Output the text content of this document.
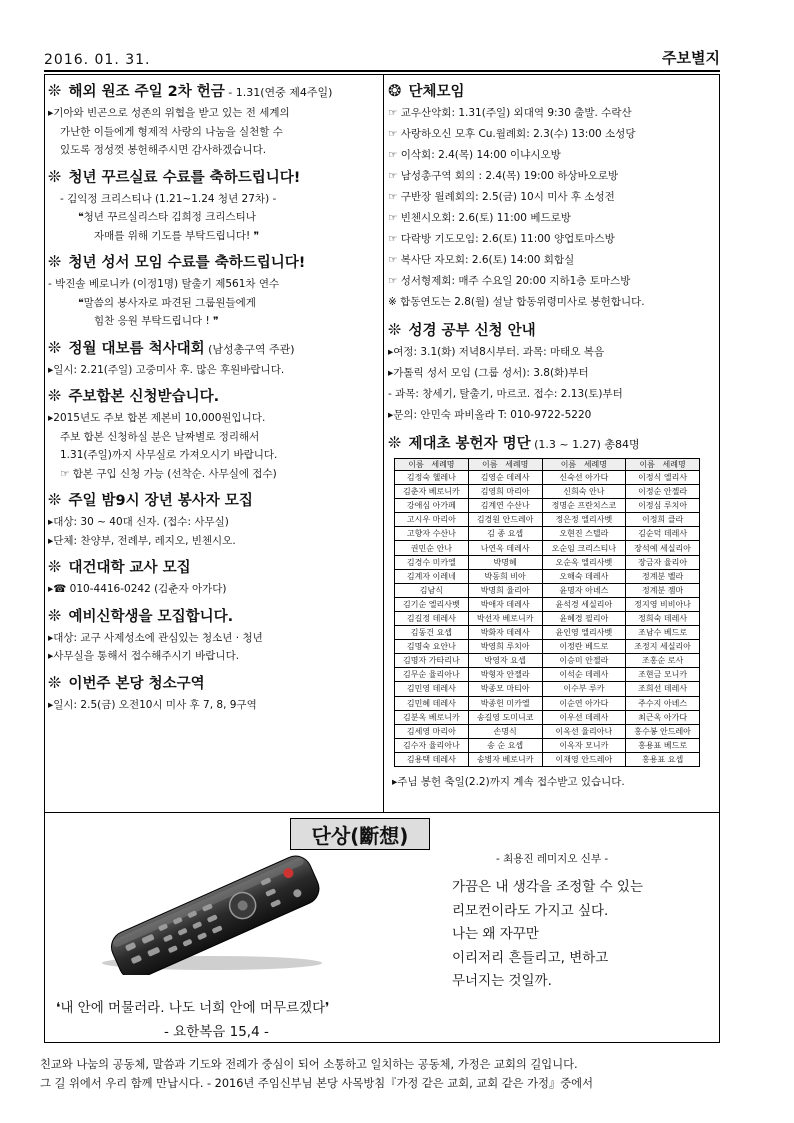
2016. 01. 31.	주보별지
❊ 해외 원조 주일 2차 헌금 - 1.31(연중 제4주일)
▸기아와 빈곤으로 성존의 위협을 받고 있는 전 세계의
가난한 이들에게 형제적 사랑의 나눔을 실천할 수
있도록 정성껏 봉헌해주시면 감사하겠습니다.
❊ 청년 꾸르실료 수료를 축하드립니다!
- 김익정 크리스티나 (1.21~1.24 청년 27차) -
❝청년 꾸르실리스타 김희정 크리스티나
자매를 위해 기도를 부탁드립니다! ❞
❊ 청년 성서 모임 수료를 축하드립니다!
- 박진솔 베로니카 (이정1명) 탈출기 제561차 연수
❝말씀의 봉사자로 파견된 그룹원들에게
힘찬 응원 부탁드립니다 ! ❞
❊ 정월 대보름 척사대회 (남성총구역 주관)
▸일시: 2.21(주일) 고중미사 후. 많은 후원바랍니다.
❊ 주보합본 신청받습니다.
▸2015년도 주보 합본 제본비 10,000원입니다.
주보 합본 신청하실 분은 날짜별로 정리해서
1.31(주일)까지 사무실로 가져오시기 바랍니다.
☞ 합본 구입 신청 가능 (선착순. 사무실에 접수)
❊ 주일 밤9시 장년 봉사자 모집
▸대상: 30 ~ 40대 신자. (접수: 사무실)
▸단체: 찬양부, 전례부, 레지오, 빈첸시오.
❊ 대건대학 교사 모집
▸☎ 010-4416-0242 (김춘자 아가다)
❊ 예비신학생을 모집합니다.
▸대상: 교구 사제성소에 관심있는 청소년 · 청년
▸사무실을 통해서 접수해주시기 바랍니다.
❊ 이번주 본당 청소구역
▸일시: 2.5(금) 오전10시 미사 후 7, 8, 9구역
❂ 단체모임
☞ 교우산악회: 1.31(주일) 외대역 9:30 출발. 수락산
☞ 사랑하오신 모후 Cu.월례회: 2.3(수) 13:00 소성당
☞ 이삭회: 2.4(목) 14:00 이냐시오방
☞ 남성총구역 회의 : 2.4(목) 19:00 하상바오로방
☞ 구반장 월례회의: 2.5(금) 10시 미사 후 소성전
☞ 빈첸시오회: 2.6(토) 11:00 베드로방
☞ 다락방 기도모임: 2.6(토) 11:00 양업토마스방
☞ 복사단 자모회: 2.6(토) 14:00 회합실
☞ 성서형제회: 매주 수요일 20:00 지하1층 토마스방
※ 합동연도는 2.8(월) 설날 합동위령미사로 봉헌합니다.
❊ 성경 공부 신청 안내
▸여정: 3.1(화) 저녁8시부터. 과목: 마태오 복음
▸가톨릭 성서 모임 (그룹 성서): 3.8(화)부터
- 과목: 창세기, 탈출기, 마르코. 접수: 2.13(토)부터
▸문의: 안민숙 파비올라 T: 010-9722-5220
❊ 제대초 봉헌자 명단 (1.3 ~ 1.27) 총84명
이름 세례명	이름 세례명	이름 세례명	이름 세례명
김정숙 헬레나	김영순 데레사	신숙선 아가다	이정식 엘리사
김춘자 베로니카	김영희 마리아	신희숙 안나	이정순 안젤라
강애심 아가페	김계연 수산나	정명순 프란치스코	이정심 루치아
고시우 마리아	김경원 안드레아	정은정 엘리사벳	이정희 클라
고향자 수산나	김 종 요셉	오현진 스텔라	김순덕 데레사
권민순 안나	나연옥 데레사	오순임 크리스티나	장석예 세실리아
김경수 미카엘	박명혜	오순옥 엘리사벳	장금자 율리아
김계자 이레네	박동희 비아	오해숙 데레사	정계분 벨라
김남식	박명희 율리아	윤명자 아녜스	정계분 젬마
김기순 엘리사벳	박애자 데레사	윤석경 세실리아	정지영 비비아나
김길정 데레사	박선자 베로니카	윤혜경 필리아	정희숙 데레사
김동건 요셉	박화자 데레사	윤인영 엘리사벳	조남수 베드로
김명숙 요안나	박영희 루치아	이정란 베드로	조정지 세실리아
김명자 가타리나	박영자 요셉	이승미 안젤라	조홍순 로사
김무순 율리아나	박형자 안젤라	이석순 데레사	조현금 모니카
김민영 데레사	박종모 마티아	이수부 루카	조희선 데레사
김민혜 데레사	박종헌 미카엘	이순연 아가다	주수지 아녜스
김분옥 베로니카	송길영 도미니코	이우선 데레사	최근옥 아가다
김세영 마리아	손명식	이옥선 율리아나	홍수봉 안드레아
김수자 율리아나	송 순 요셉	이옥자 모니카	홍용표 베드로
김용택 데레사	송병자 베로니카	이재영 안드레아	홍용표 요셉
▸주님 봉헌 축일(2.2)까지 계속 접수받고 있습니다.
단상(斷想)
- 최용진 레미지오 신부 -
가끔은 내 생각을 조정할 수 있는
리모컨이라도 가지고 싶다.
나는 왜 자꾸만
이리저리 흔들리고, 변하고
무너지는 것일까.
❛내 안에 머물러라. 나도 너희 안에 머무르겠다❜
- 요한복음 15,4 -
친교와 나눔의 공동체, 말씀과 기도와 전례가 중심이 되어 소통하고 일치하는 공동체, 가정은 교회의 길입니다.
그 길 위에서 우리 함께 만납시다. - 2016년 주임신부님 본당 사목방침『가정 같은 교회, 교회 같은 가정』중에서
